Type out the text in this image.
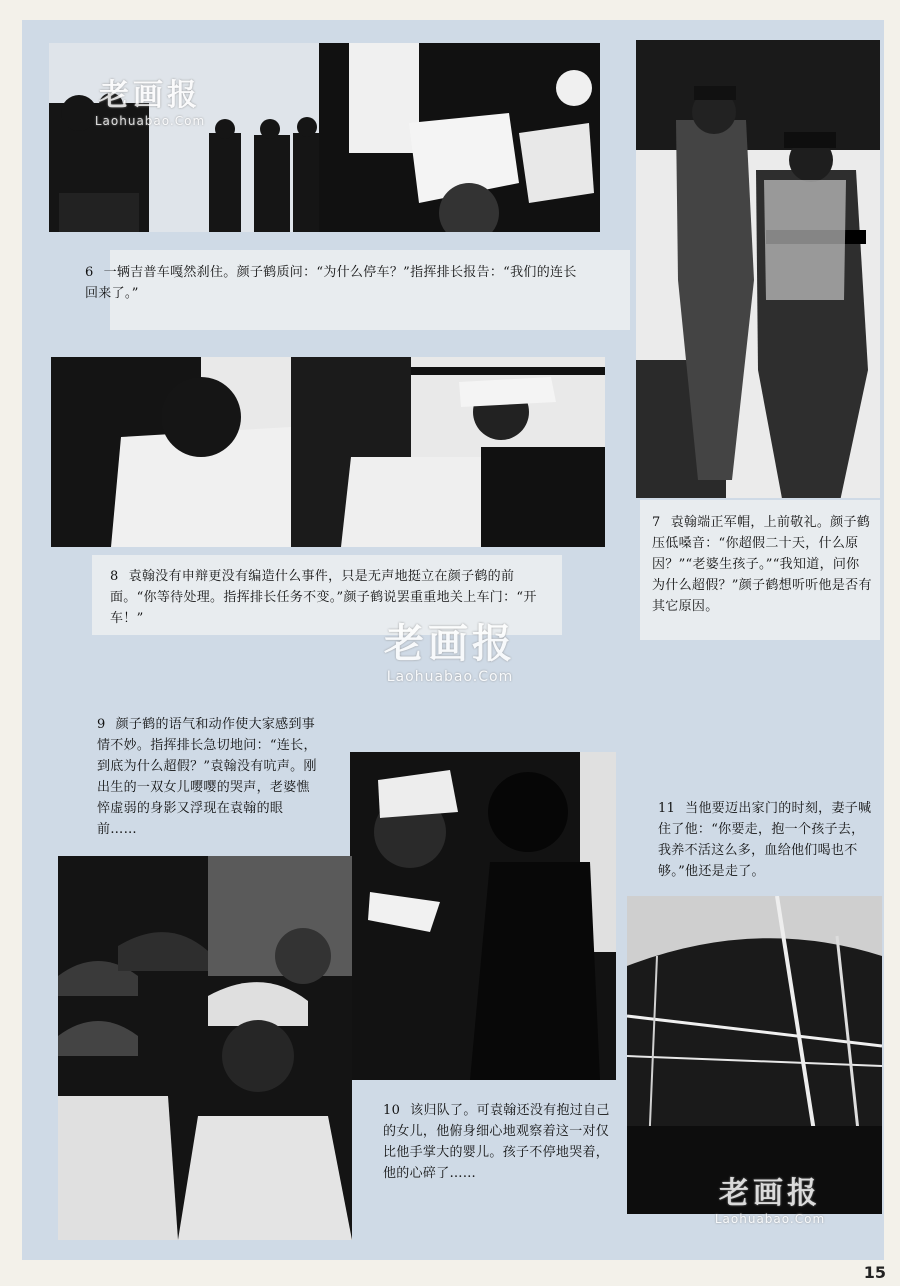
6 一辆吉普车嘎然刹住。颜子鹤质问：“为什么停车？”指挥排长报告：“我们的连长回来了。”
7 袁翰端正军帽，上前敬礼。颜子鹤压低嗓音：“你超假二十天，什么原因？”“老婆生孩子。”“我知道，问你为什么超假？”颜子鹤想听听他是否有其它原因。
8 袁翰没有申辩更没有编造什么事件，只是无声地挺立在颜子鹤的前面。“你等待处理。指挥排长任务不变。”颜子鹤说罢重重地关上车门：“开车！”
9 颜子鹤的语气和动作使大家感到事情不妙。指挥排长急切地问：“连长，到底为什么超假？”袁翰没有吭声。刚出生的一双女儿嘤嘤的哭声，老婆憔悴虚弱的身影又浮现在袁翰的眼前……
11 当他要迈出家门的时刻，妻子喊住了他：“你要走，抱一个孩子去，我养不活这么多，血给他们喝也不够。”他还是走了。
10 该归队了。可袁翰还没有抱过自己的女儿，他俯身细心地观察着这一对仅比他手掌大的婴儿。孩子不停地哭着，他的心碎了……
老画报
Laohuabao.Com
老画报
Laohuabao.Com
老画报
Laohuabao.Com
15
